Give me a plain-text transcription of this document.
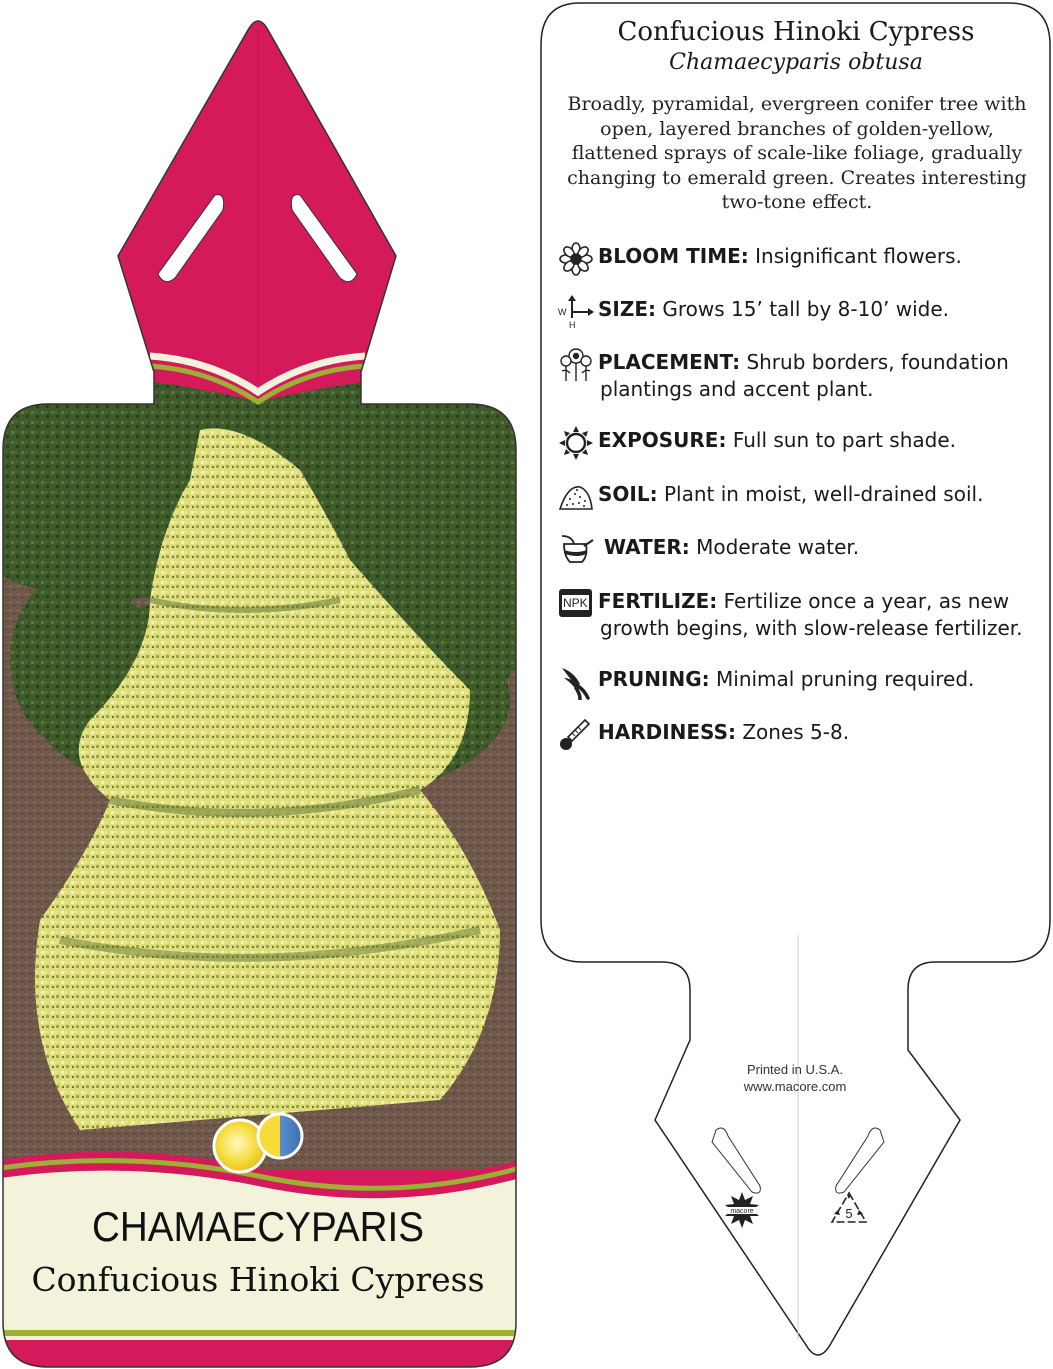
CHAMAECYPARIS
Confucious Hinoki Cypress
Confucious Hinoki Cypress
Chamaecyparis obtusa
Broadly, pyramidal, evergreen conifer tree with open, layered branches of golden-yellow, flattened sprays of scale-like foliage, gradually changing to emerald green. Creates interesting two-tone effect.
BLOOM TIME: Insignificant flowers.
W
H
SIZE: Grows 15’ tall by 8-10’ wide.
PLACEMENT: Shrub borders, foundation
plantings and accent plant.
EXPOSURE: Full sun to part shade.
SOIL: Plant in moist, well-drained soil.
WATER: Moderate water.
NPK FERTILIZE: Fertilize once a year, as new
growth begins, with slow-release fertilizer.
PRUNING: Minimal pruning required.
HARDINESS: Zones 5-8.
Printed in U.S.A.
www.macore.com
macore	5
